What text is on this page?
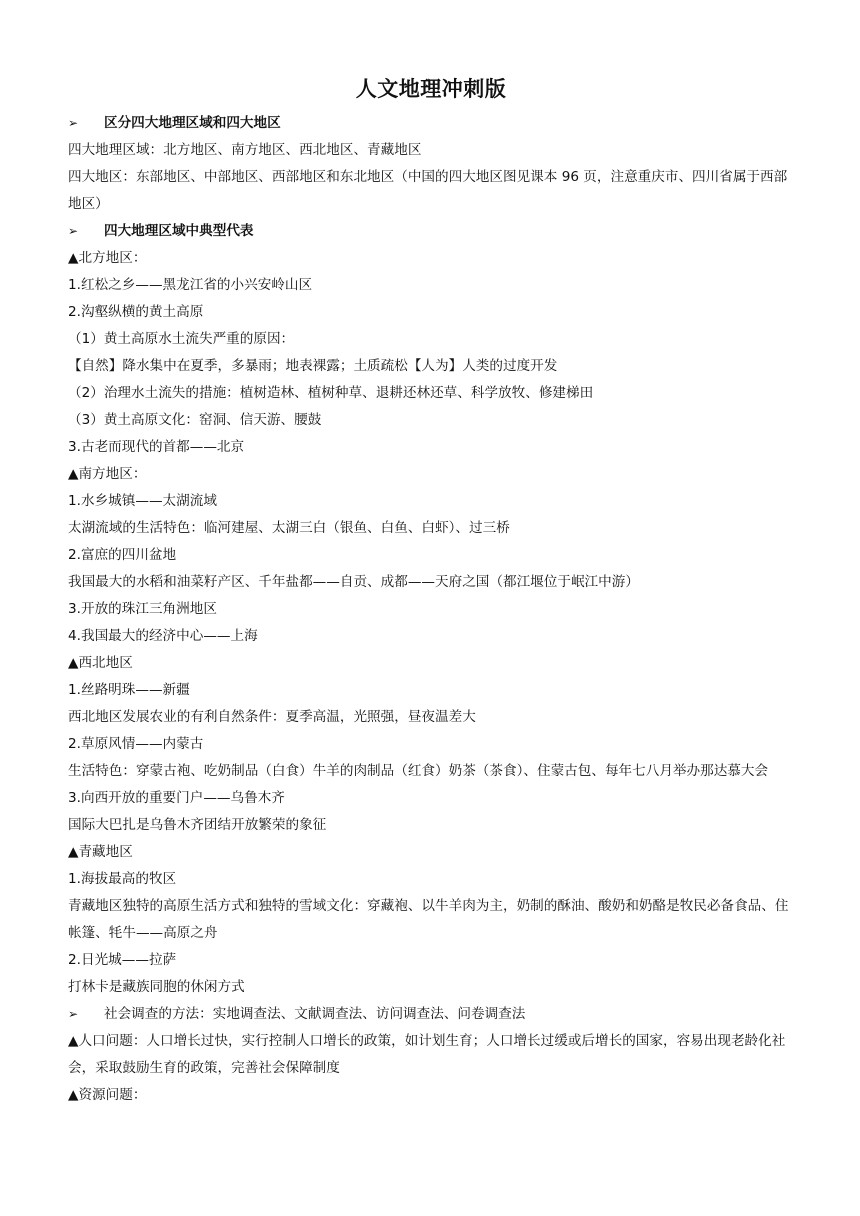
人文地理冲刺版
➢ 区分四大地理区域和四大地区
四大地理区域：北方地区、南方地区、西北地区、青藏地区
四大地区：东部地区、中部地区、西部地区和东北地区（中国的四大地区图见课本 96 页，注意重庆市、四川省属于西部地区）
➢ 四大地理区域中典型代表
▲北方地区：
1.红松之乡——黑龙江省的小兴安岭山区
2.沟壑纵横的黄土高原
（1）黄土高原水土流失严重的原因：
【自然】降水集中在夏季，多暴雨；地表裸露；土质疏松【人为】人类的过度开发
（2）治理水土流失的措施：植树造林、植树种草、退耕还林还草、科学放牧、修建梯田
（3）黄土高原文化：窑洞、信天游、腰鼓
3.古老而现代的首都——北京
▲南方地区：
1.水乡城镇——太湖流域
太湖流域的生活特色：临河建屋、太湖三白（银鱼、白鱼、白虾）、过三桥
2.富庶的四川盆地
我国最大的水稻和油菜籽产区、千年盐都——自贡、成都——天府之国（都江堰位于岷江中游）
3.开放的珠江三角洲地区
4.我国最大的经济中心——上海
▲西北地区
1.丝路明珠——新疆
西北地区发展农业的有利自然条件：夏季高温，光照强，昼夜温差大
2.草原风情——内蒙古
生活特色：穿蒙古袍、吃奶制品（白食）牛羊的肉制品（红食）奶茶（茶食）、住蒙古包、每年七八月举办那达慕大会
3.向西开放的重要门户——乌鲁木齐
国际大巴扎是乌鲁木齐团结开放繁荣的象征
▲青藏地区
1.海拔最高的牧区
青藏地区独特的高原生活方式和独特的雪域文化：穿藏袍、以牛羊肉为主，奶制的酥油、酸奶和奶酪是牧民必备食品、住帐篷、牦牛——高原之舟
2.日光城——拉萨
打林卡是藏族同胞的休闲方式
➢ 社会调查的方法：实地调查法、文献调查法、访问调查法、问卷调查法
▲人口问题：人口增长过快，实行控制人口增长的政策，如计划生育；人口增长过缓或后增长的国家，容易出现老龄化社会，采取鼓励生育的政策，完善社会保障制度
▲资源问题：
